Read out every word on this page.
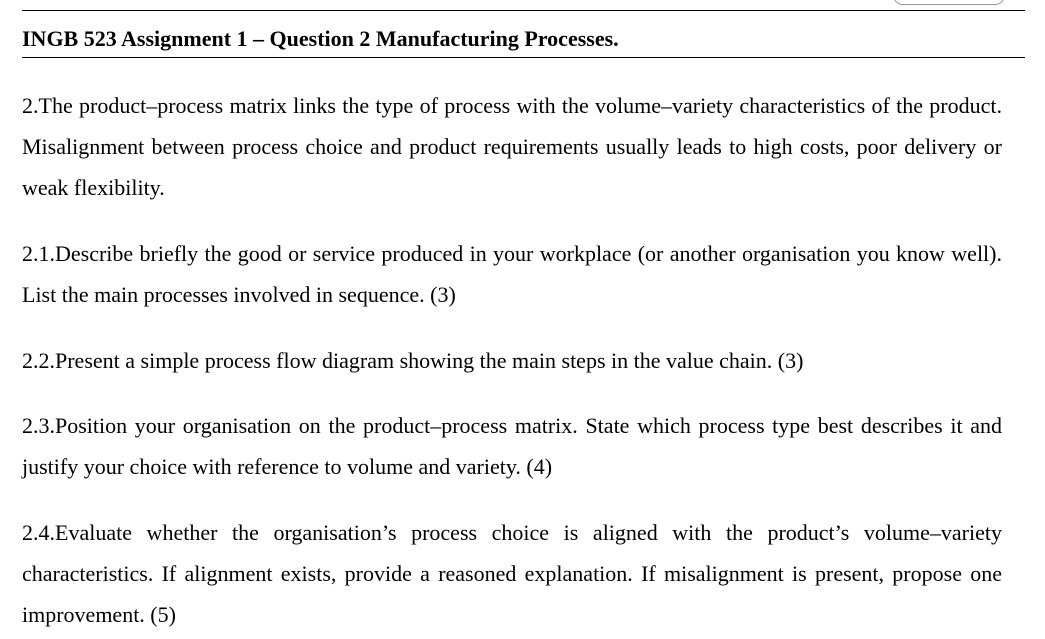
INGB 523 Assignment 1 – Question 2 Manufacturing Processes.

2.The product–process matrix links the type of process with the volume–variety characteristics of the product. Misalignment between process choice and product requirements usually leads to high costs, poor delivery or weak flexibility.

2.1.Describe briefly the good or service produced in your workplace (or another organisation you know well). List the main processes involved in sequence. (3)

2.2.Present a simple process flow diagram showing the main steps in the value chain. (3)

2.3.Position your organisation on the product–process matrix. State which process type best describes it and justify your choice with reference to volume and variety. (4)

2.4.Evaluate whether the organisation’s process choice is aligned with the product’s volume–variety characteristics. If alignment exists, provide a reasoned explanation. If misalignment is present, propose one improvement. (5)
